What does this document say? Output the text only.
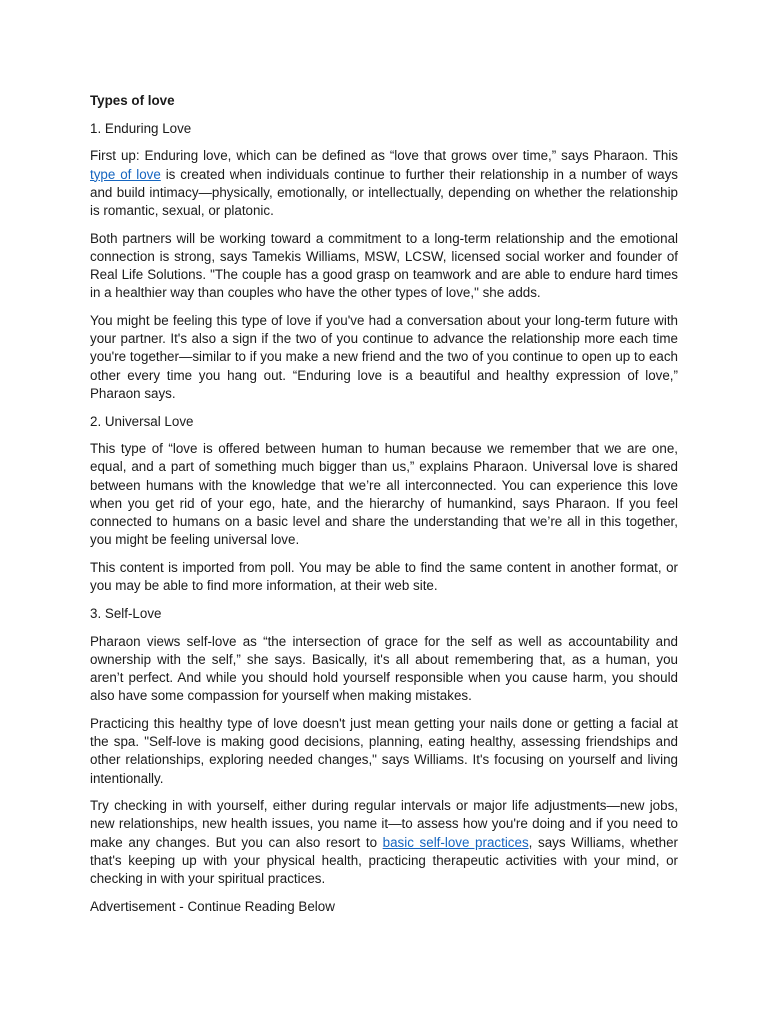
Types of love

1. Enduring Love

First up: Enduring love, which can be defined as “love that grows over time,” says Pharaon. This type of love is created when individuals continue to further their relationship in a number of ways and build intimacy—physically, emotionally, or intellectually, depending on whether the relationship is romantic, sexual, or platonic.

Both partners will be working toward a commitment to a long-term relationship and the emotional connection is strong, says Tamekis Williams, MSW, LCSW, licensed social worker and founder of Real Life Solutions. "The couple has a good grasp on teamwork and are able to endure hard times in a healthier way than couples who have the other types of love," she adds.

You might be feeling this type of love if you've had a conversation about your long-term future with your partner. It's also a sign if the two of you continue to advance the relationship more each time you're together—similar to if you make a new friend and the two of you continue to open up to each other every time you hang out. “Enduring love is a beautiful and healthy expression of love,” Pharaon says.

2. Universal Love

This type of “love is offered between human to human because we remember that we are one, equal, and a part of something much bigger than us,” explains Pharaon. Universal love is shared between humans with the knowledge that we’re all interconnected. You can experience this love when you get rid of your ego, hate, and the hierarchy of humankind, says Pharaon. If you feel connected to humans on a basic level and share the understanding that we’re all in this together, you might be feeling universal love.

This content is imported from poll. You may be able to find the same content in another format, or you may be able to find more information, at their web site.

3. Self-Love

Pharaon views self-love as “the intersection of grace for the self as well as accountability and ownership with the self,” she says. Basically, it's all about remembering that, as a human, you aren’t perfect. And while you should hold yourself responsible when you cause harm, you should also have some compassion for yourself when making mistakes.

Practicing this healthy type of love doesn't just mean getting your nails done or getting a facial at the spa. "Self-love is making good decisions, planning, eating healthy, assessing friendships and other relationships, exploring needed changes," says Williams. It's focusing on yourself and living intentionally.

Try checking in with yourself, either during regular intervals or major life adjustments—new jobs, new relationships, new health issues, you name it—to assess how you're doing and if you need to make any changes. But you can also resort to basic self-love practices, says Williams, whether that's keeping up with your physical health, practicing therapeutic activities with your mind, or checking in with your spiritual practices.

Advertisement - Continue Reading Below
